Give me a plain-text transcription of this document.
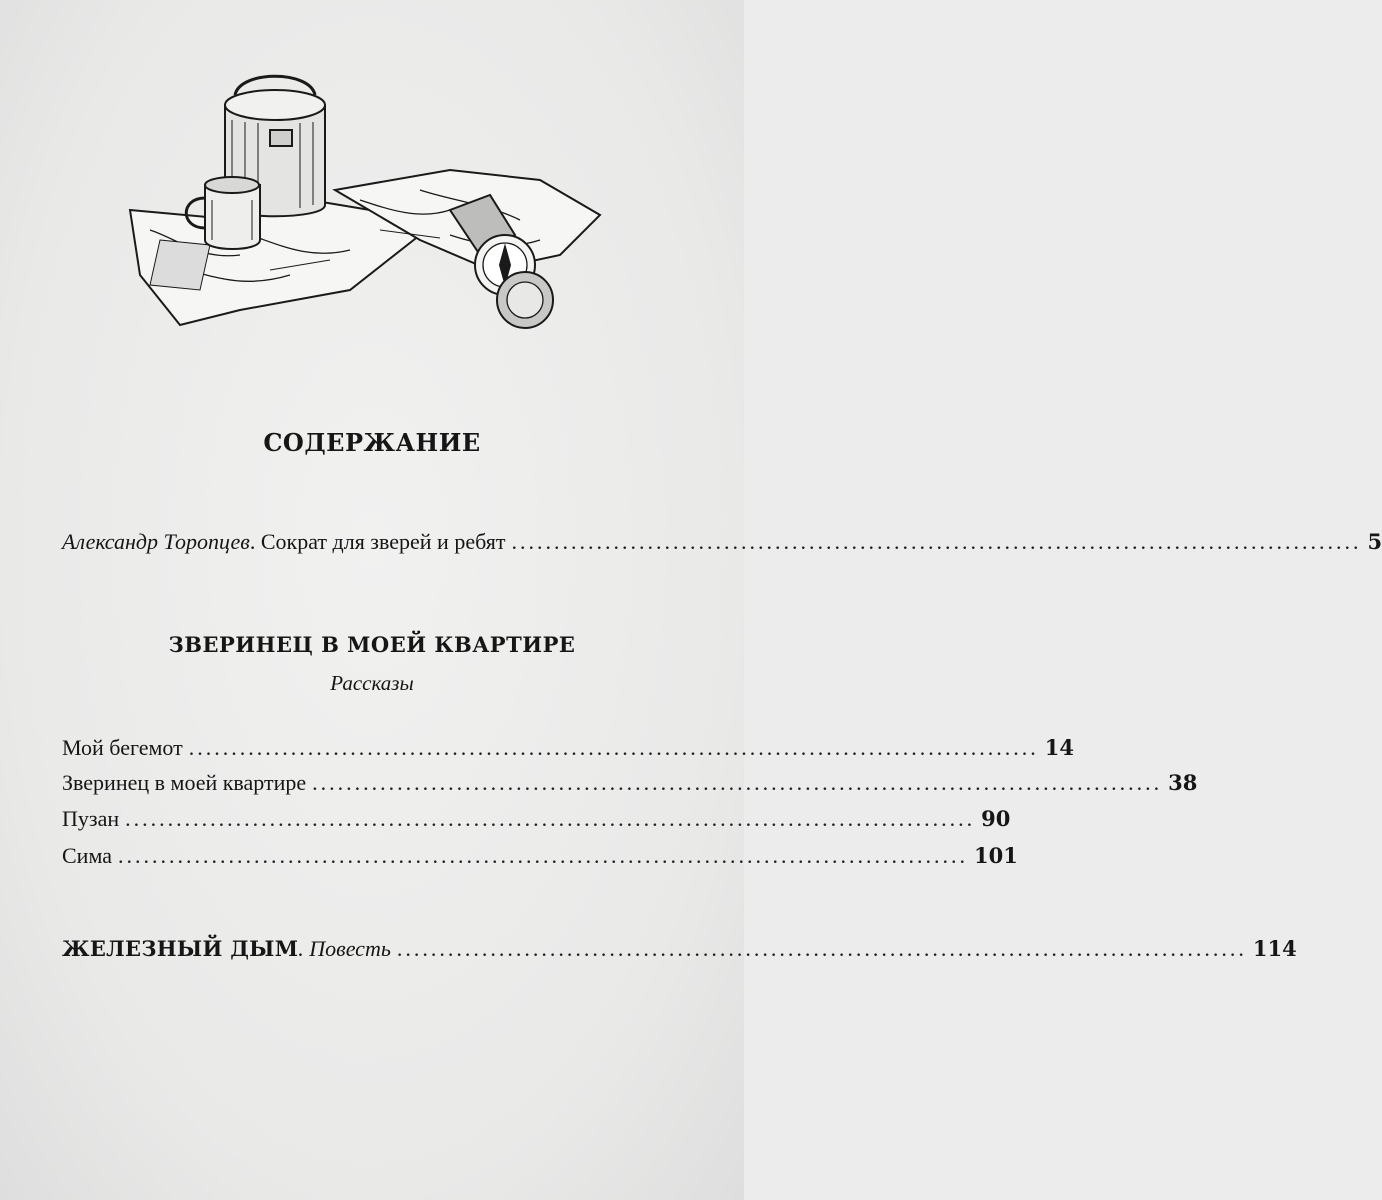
СОДЕРЖАНИЕ
Александр Торопцев. Сократ для зверей и ребят .................................................................................................... 5
ЗВЕРИНЕЦ В МОЕЙ КВАРТИРЕ
Рассказы
Мой бегемот .................................................................................................... 14
Зверинец в моей квартире .................................................................................................... 38
Пузан .................................................................................................... 90
Сима .................................................................................................... 101
ЖЕЛЕЗНЫЙ ДЫМ. Повесть .................................................................................................... 114
